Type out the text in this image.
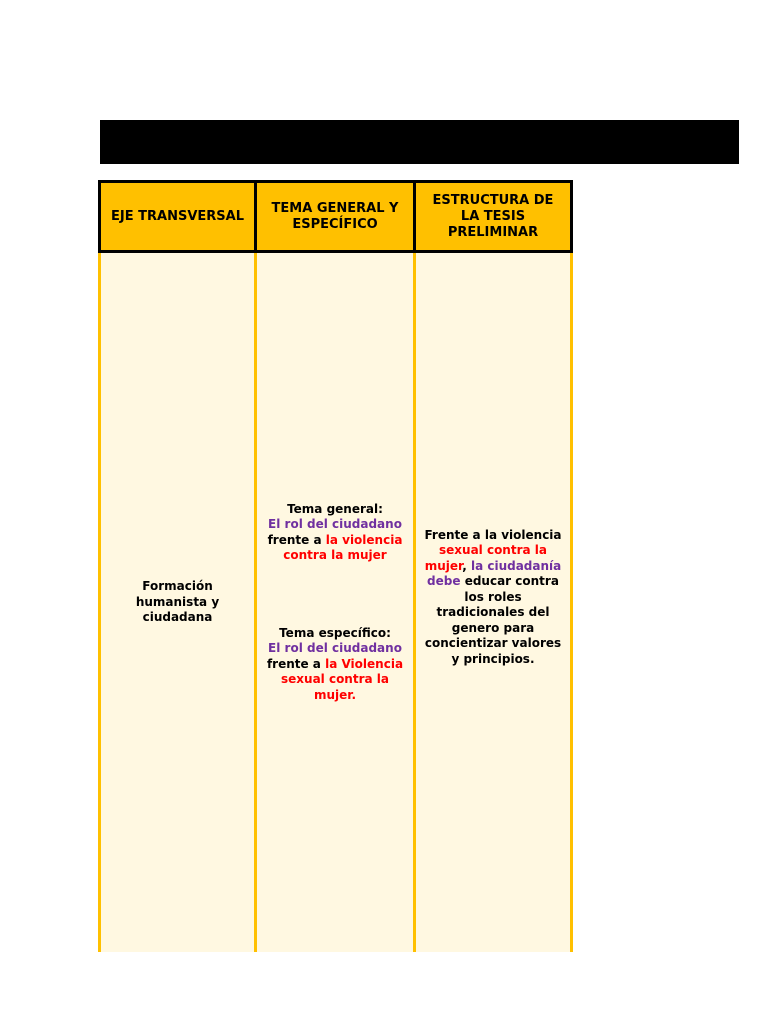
EJE TRANSVERSAL
TEMA GENERAL Y ESPECÍFICO
ESTRUCTURA DE LA TESIS PRELIMINAR
Formación humanista y ciudadana
Tema general:
El rol del ciudadano
frente a la violencia contra la mujer
Tema específico:
El rol del ciudadano
frente a la Violencia sexual contra la mujer.
Frente a la violencia sexual contra la mujer, la ciudadanía debe educar contra los roles tradicionales del genero para concientizar valores y principios.
